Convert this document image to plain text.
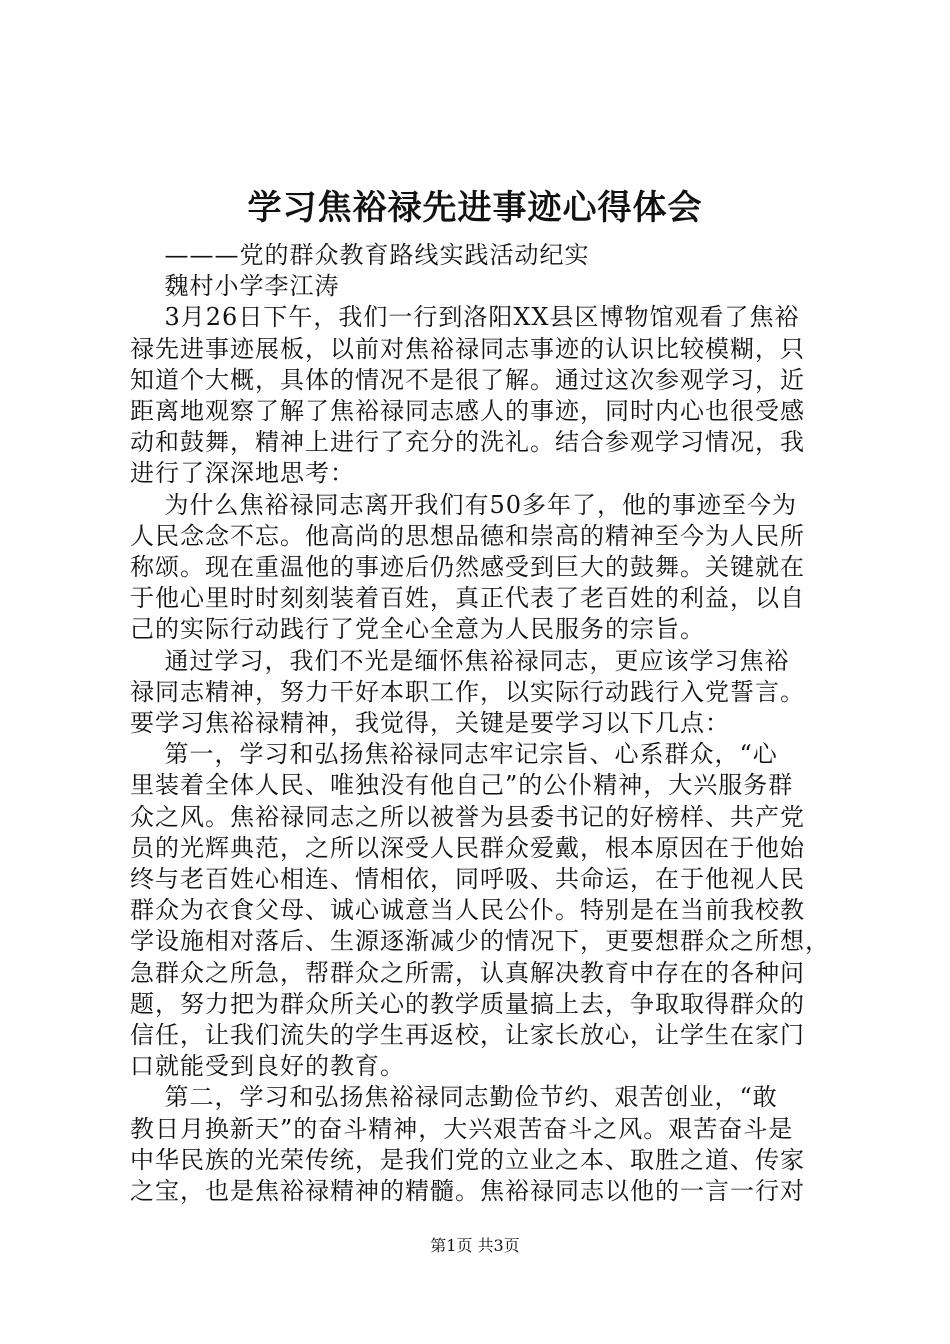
学习焦裕禄先进事迹心得体会
———党的群众教育路线实践活动纪实
魏村小学李江涛
3月26日下午，我们一行到洛阳XX县区博物馆观看了焦裕
禄先进事迹展板，以前对焦裕禄同志事迹的认识比较模糊，只
知道个大概，具体的情况不是很了解。通过这次参观学习，近
距离地观察了解了焦裕禄同志感人的事迹，同时内心也很受感
动和鼓舞，精神上进行了充分的洗礼。结合参观学习情况，我
进行了深深地思考：
为什么焦裕禄同志离开我们有50多年了，他的事迹至今为
人民念念不忘。他高尚的思想品德和崇高的精神至今为人民所
称颂。现在重温他的事迹后仍然感受到巨大的鼓舞。关键就在
于他心里时时刻刻装着百姓，真正代表了老百姓的利益，以自
己的实际行动践行了党全心全意为人民服务的宗旨。
通过学习，我们不光是缅怀焦裕禄同志，更应该学习焦裕
禄同志精神，努力干好本职工作，以实际行动践行入党誓言。
要学习焦裕禄精神，我觉得，关键是要学习以下几点：
第一，学习和弘扬焦裕禄同志牢记宗旨、心系群众，“心
里装着全体人民、唯独没有他自己”的公仆精神，大兴服务群
众之风。焦裕禄同志之所以被誉为县委书记的好榜样、共产党
员的光辉典范，之所以深受人民群众爱戴，根本原因在于他始
终与老百姓心相连、情相依，同呼吸、共命运，在于他视人民
群众为衣食父母、诚心诚意当人民公仆。特别是在当前我校教
学设施相对落后、生源逐渐减少的情况下，更要想群众之所想，
急群众之所急，帮群众之所需，认真解决教育中存在的各种问
题，努力把为群众所关心的教学质量搞上去，争取取得群众的
信任，让我们流失的学生再返校，让家长放心，让学生在家门
口就能受到良好的教育。
第二，学习和弘扬焦裕禄同志勤俭节约、艰苦创业，“敢
教日月换新天”的奋斗精神，大兴艰苦奋斗之风。艰苦奋斗是
中华民族的光荣传统，是我们党的立业之本、取胜之道、传家
之宝，也是焦裕禄精神的精髓。焦裕禄同志以他的一言一行对
第1页 共3页
